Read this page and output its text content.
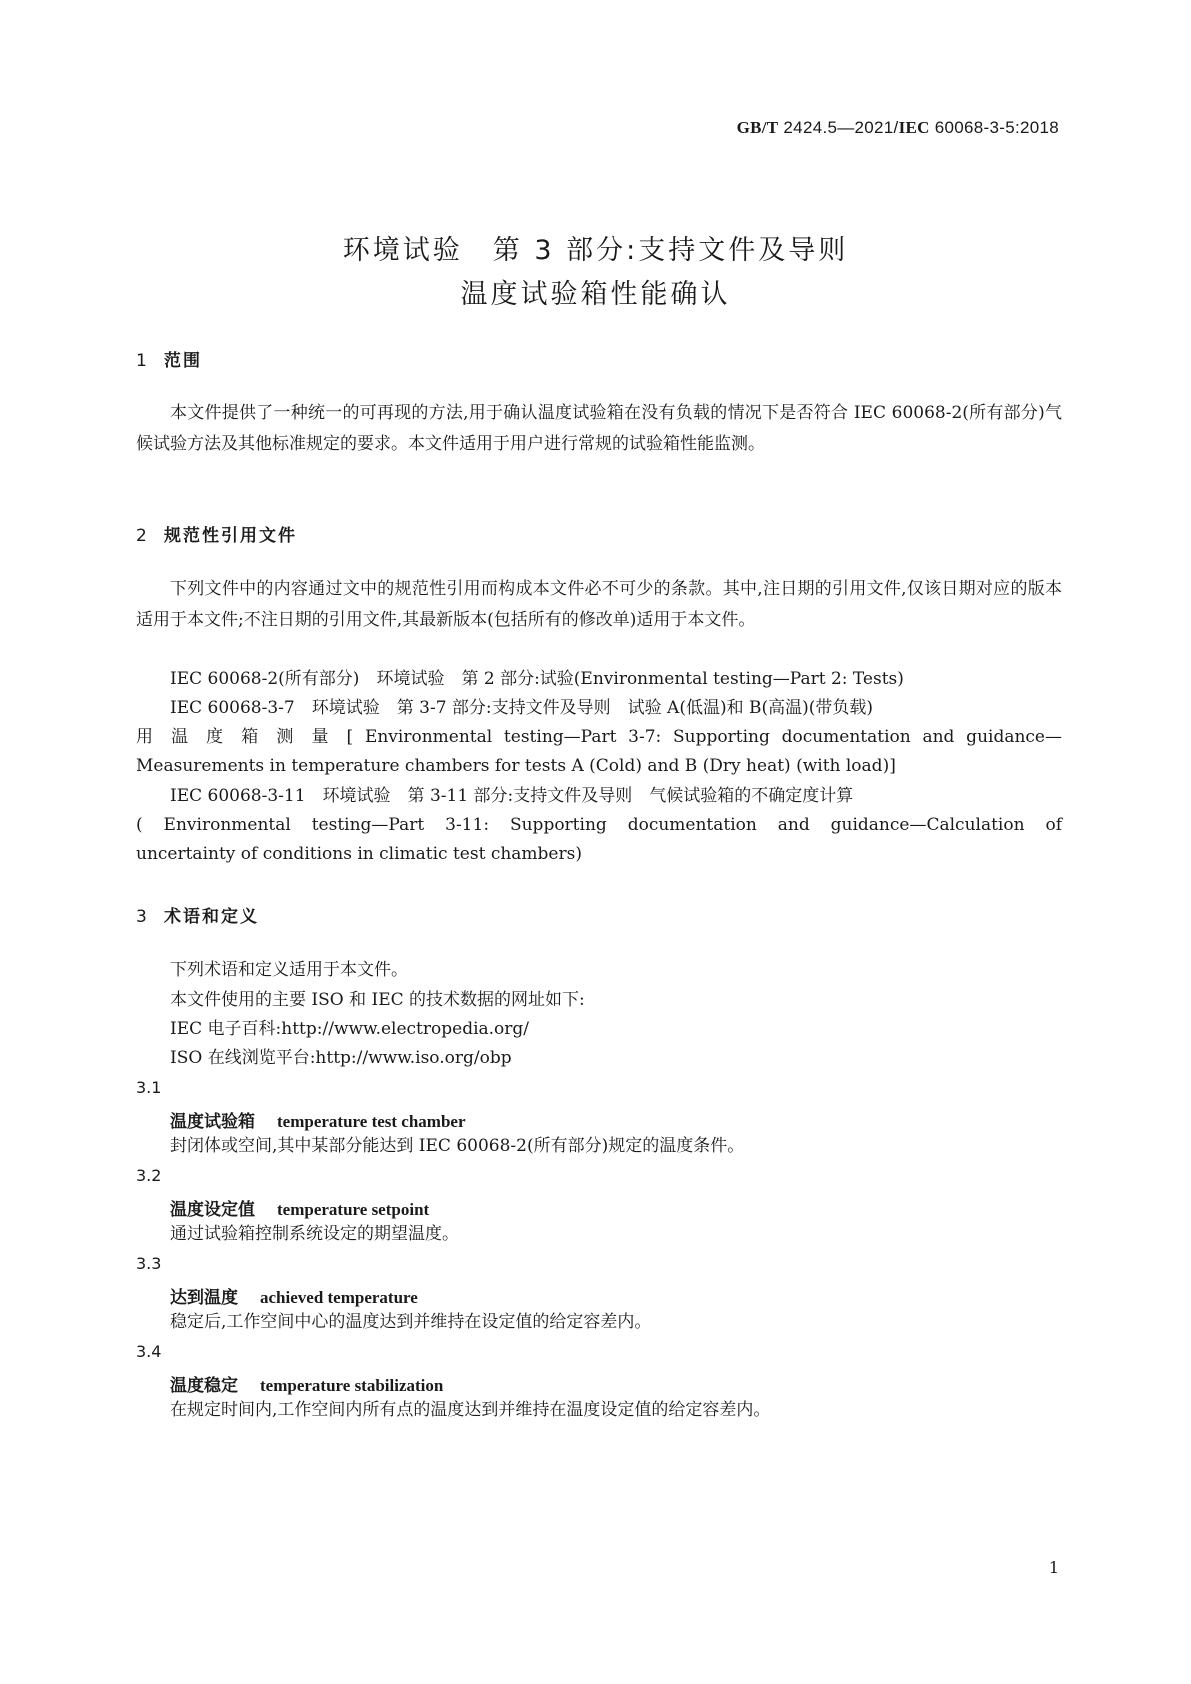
GB/T 2424.5—2021/IEC 60068-3-5:2018
环境试验 第 3 部分:支持文件及导则
温度试验箱性能确认
1 范围

本文件提供了一种统一的可再现的方法,用于确认温度试验箱在没有负载的情况下是否符合 IEC 60068-2(所有部分)气候试验方法及其他标准规定的要求。本文件适用于用户进行常规的试验箱性能监测。

2 规范性引用文件

下列文件中的内容通过文中的规范性引用而构成本文件必不可少的条款。其中,注日期的引用文件,仅该日期对应的版本适用于本文件;不注日期的引用文件,其最新版本(包括所有的修改单)适用于本文件。

IEC 60068-2(所有部分)　环境试验　第 2 部分:试验(Environmental testing—Part 2: Tests)

IEC 60068-3-7　环境试验　第 3-7 部分:支持文件及导则　试验 A(低温)和 B(高温)(带负载)

用 温 度 箱 测 量 [ Environmental testing—Part 3-7: Supporting documentation and guidance—

Measurements in temperature chambers for tests A (Cold) and B (Dry heat) (with load)]

IEC 60068-3-11　环境试验　第 3-11 部分:支持文件及导则　气候试验箱的不确定度计算

( Environmental testing—Part 3-11: Supporting documentation and guidance—Calculation of

uncertainty of conditions in climatic test chambers)

3 术语和定义

下列术语和定义适用于本文件。

本文件使用的主要 ISO 和 IEC 的技术数据的网址如下:

IEC 电子百科:http://www.electropedia.org/

ISO 在线浏览平台:http://www.iso.org/obp

3.1
温度试验箱 temperature test chamber

封闭体或空间,其中某部分能达到 IEC 60068-2(所有部分)规定的温度条件。

3.2
温度设定值 temperature setpoint

通过试验箱控制系统设定的期望温度。

3.3
达到温度 achieved temperature

稳定后,工作空间中心的温度达到并维持在设定值的给定容差内。

3.4
温度稳定 temperature stabilization

在规定时间内,工作空间内所有点的温度达到并维持在温度设定值的给定容差内。

1
